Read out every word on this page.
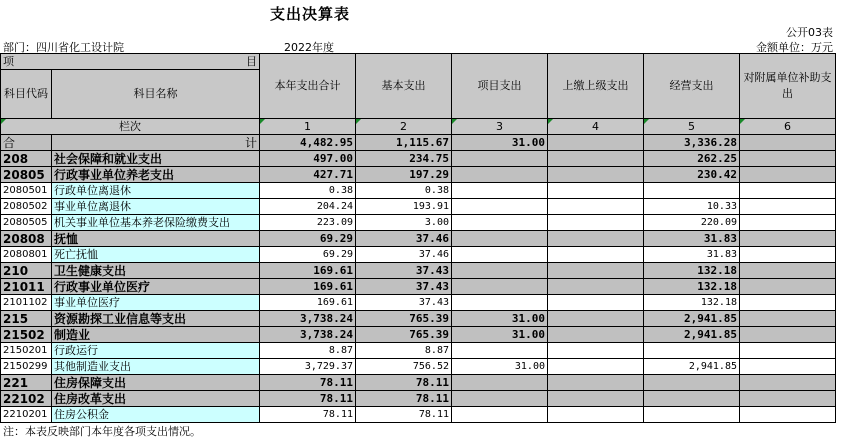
支出决算表
公开03表
部门：四川省化工设计院	2022年度	金额单位：万元
项 目		本年支出合计	基本支出	项目支出	上缴上级支出	经营支出	对附属单位补助支出
科目代码	科目名称						
栏次		1	2	3	4	5	6
合	计	4,482.95	1,115.67	31.00		3,336.28	
208	社会保障和就业支出	497.00	234.75			262.25	
20805	行政事业单位养老支出	427.71	197.29			230.42	
2080501	行政单位离退休	0.38	0.38				
2080502	事业单位离退休	204.24	193.91			10.33	
2080505	机关事业单位基本养老保险缴费支出	223.09	3.00			220.09	
20808	抚恤	69.29	37.46			31.83	
2080801	死亡抚恤	69.29	37.46			31.83	
210	卫生健康支出	169.61	37.43			132.18	
21011	行政事业单位医疗	169.61	37.43			132.18	
2101102	事业单位医疗	169.61	37.43			132.18	
215	资源勘探工业信息等支出	3,738.24	765.39	31.00		2,941.85	
21502	制造业	3,738.24	765.39	31.00		2,941.85	
2150201	行政运行	8.87	8.87				
2150299	其他制造业支出	3,729.37	756.52	31.00		2,941.85	
221	住房保障支出	78.11	78.11				
22102	住房改革支出	78.11	78.11				
2210201	住房公积金	78.11	78.11				
注：本表反映部门本年度各项支出情况。
